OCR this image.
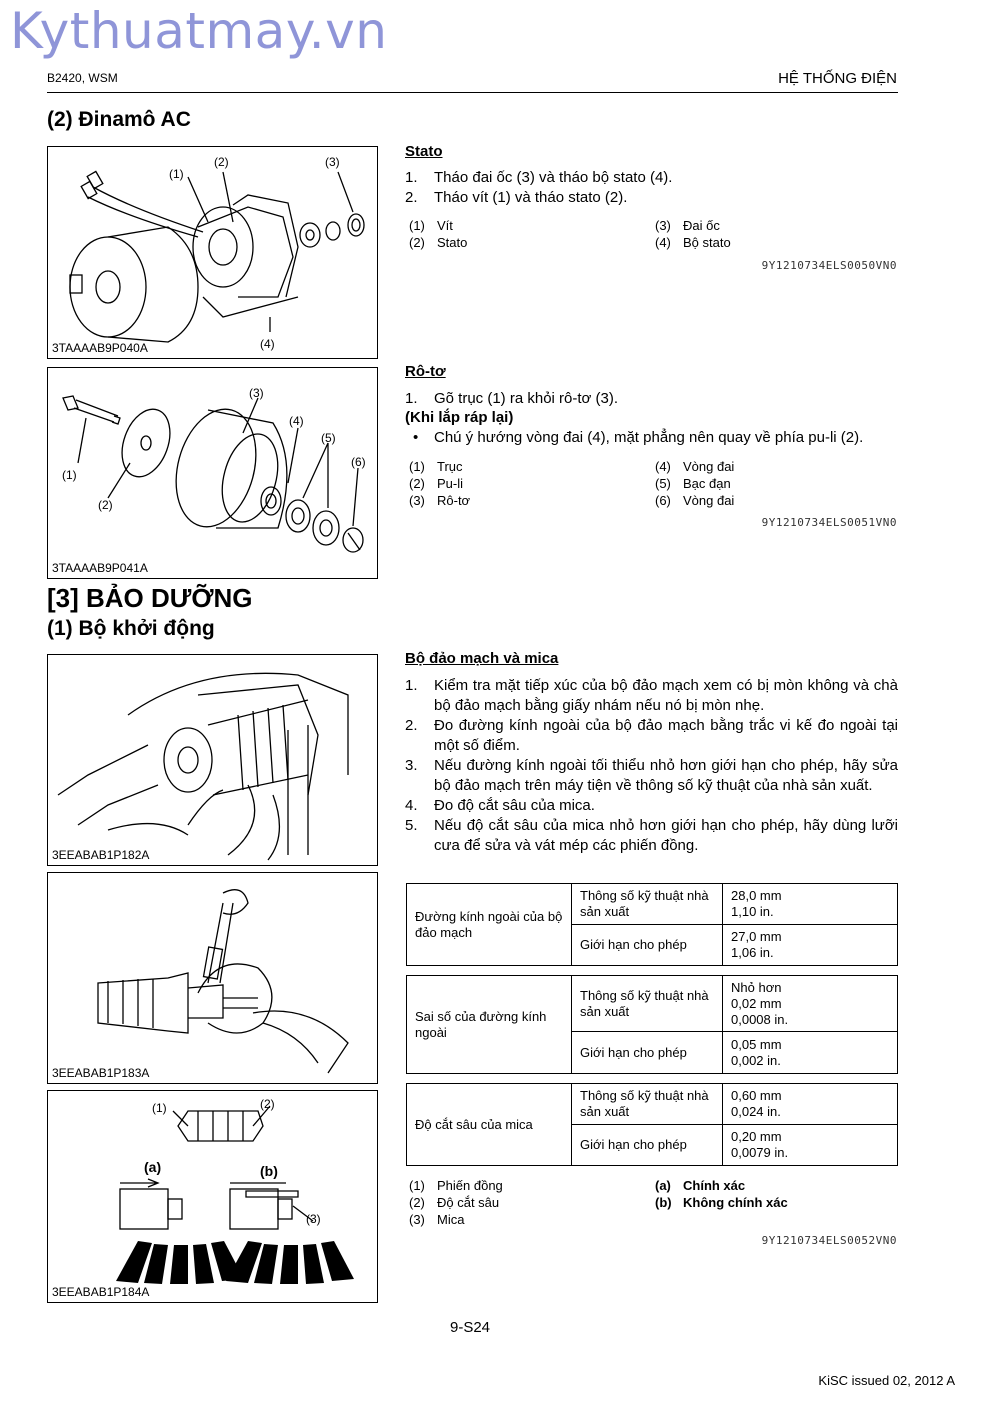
Kythuatmay.vn
B2420, WSM	HỆ THỐNG ĐIỆN
(2) Đinamô AC
(1)
(2)	(3)
(4)
3TAAAAB9P040A
Stato
1. Tháo đai ốc (3) và tháo bộ stato (4).
2. Tháo vít (1) và tháo stato (2).
(1) Vít
(2) Stato
(3) Đai ốc
(4) Bộ stato
9Y1210734ELS0050VN0
(1)
(2)
(3)
(4)
(5)
(6)
3TAAAAB9P041A
Rô-tơ
1. Gõ trục (1) ra khỏi rô-tơ (3).
(Khi lắp ráp lại)
• Chú ý hướng vòng đai (4), mặt phẳng nên quay về phía pu-li (2).
(1) Trục
(2) Pu-li
(3) Rô-tơ
(4) Vòng đai
(5) Bạc đạn
(6) Vòng đai
9Y1210734ELS0051VN0
[3] BẢO DƯỠNG
(1) Bộ khởi động
3EEABAB1P182A
3EEABAB1P183A
(1)	(2)
(a)	(b)
(3)
3EEABAB1P184A
Bộ đảo mạch và mica
1. Kiểm tra mặt tiếp xúc của bộ đảo mạch xem có bị mòn không và chà bộ đảo mạch bằng giấy nhám nếu nó bị mòn nhẹ.
2. Đo đường kính ngoài của bộ đảo mạch bằng trắc vi kế đo ngoài tại một số điểm.
3. Nếu đường kính ngoài tối thiểu nhỏ hơn giới hạn cho phép, hãy sửa bộ đảo mạch trên máy tiện về thông số kỹ thuật của nhà sản xuất.
4. Đo độ cắt sâu của mica.
5. Nếu độ cắt sâu của mica nhỏ hơn giới hạn cho phép, hãy dùng lưỡi cưa để sửa và vát mép các phiến đồng.
Đường kính ngoài của bộ đảo mạch	Thông số kỹ thuật nhà sản xuất	28,0 mm
1,10 in.
	Giới hạn cho phép	27,0 mm
1,06 in.
Sai số của đường kính ngoài	Thông số kỹ thuật nhà sản xuất	Nhỏ hơn
0,02 mm
0,0008 in.
	Giới hạn cho phép	0,05 mm
0,002 in.
Độ cắt sâu của mica	Thông số kỹ thuật nhà sản xuất	0,60 mm
0,024 in.
	Giới hạn cho phép	0,20 mm
0,0079 in.
(1) Phiến đồng
(2) Độ cắt sâu
(3) Mica
(a) Chính xác
(b) Không chính xác
9Y1210734ELS0052VN0
9-S24
KiSC issued 02, 2012 A
